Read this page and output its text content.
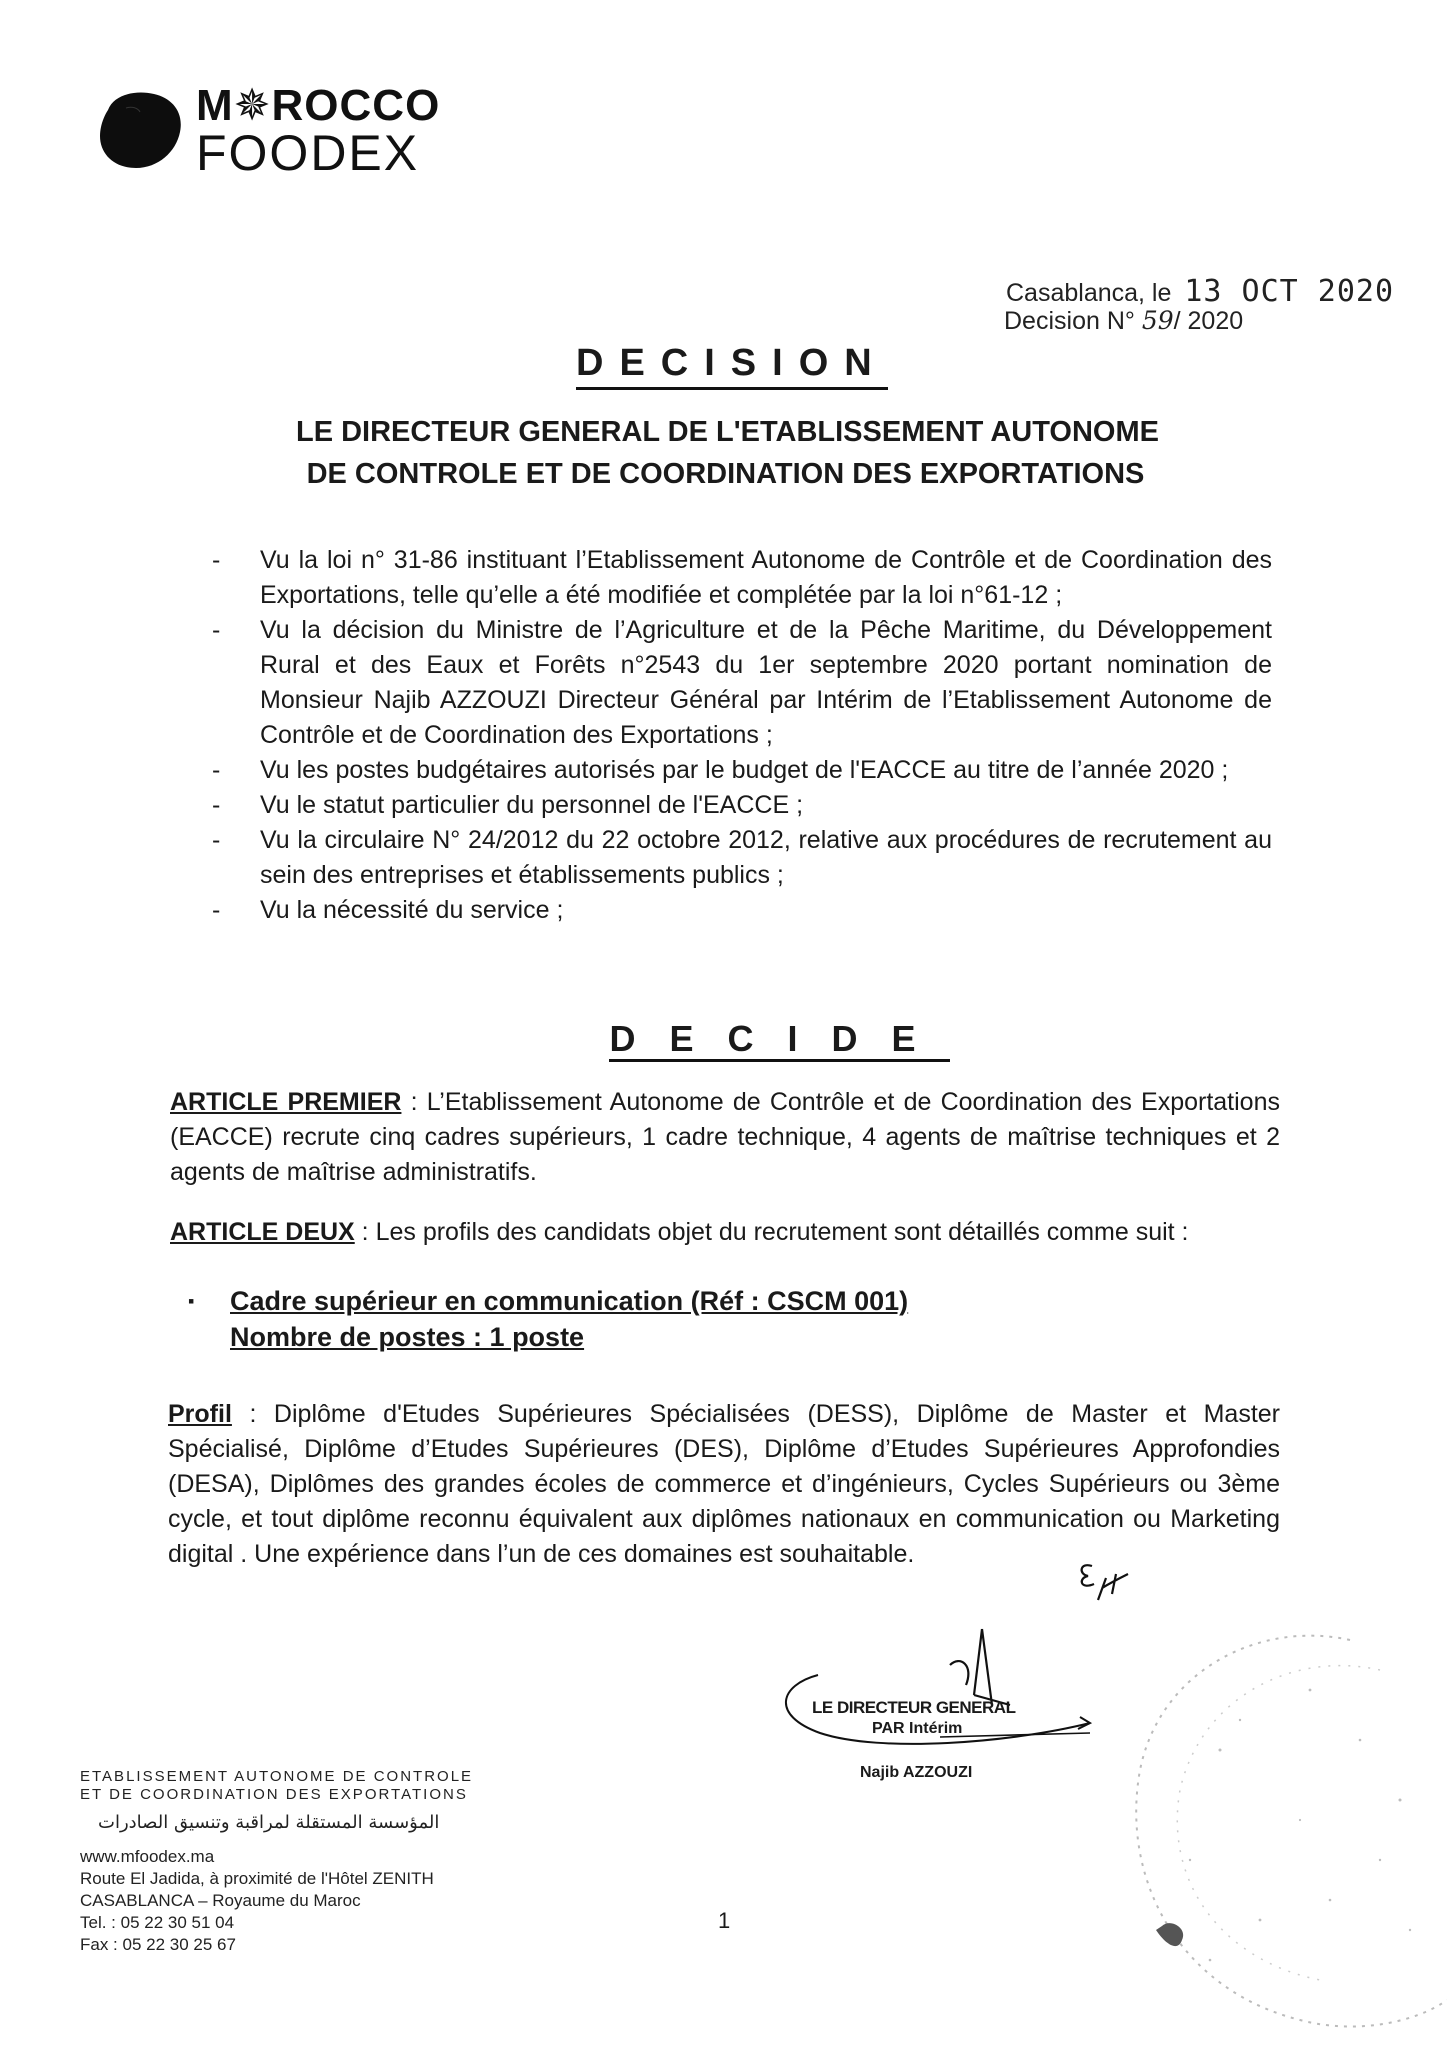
M✵ROCCO
FOODEX
Casablanca, le 13 OCT 2020
Decision N° 59/ 2020
DECISION
LE DIRECTEUR GENERAL DE L'ETABLISSEMENT AUTONOME
DE CONTROLE ET DE COORDINATION DES EXPORTATIONS
- Vu la loi n° 31-86 instituant l’Etablissement Autonome de Contrôle et de Coordination des Exportations, telle qu’elle a été modifiée et complétée par la loi n°61-12 ;
- Vu la décision du Ministre de l’Agriculture et de la Pêche Maritime, du Développement Rural et des Eaux et Forêts n°2543 du 1er septembre 2020 portant nomination de Monsieur Najib AZZOUZI Directeur Général par Intérim de l’Etablissement Autonome de Contrôle et de Coordination des Exportations ;
- Vu les postes budgétaires autorisés par le budget de l'EACCE au titre de l’année 2020 ;
- Vu le statut particulier du personnel de l'EACCE ;
- Vu la circulaire N° 24/2012 du 22 octobre 2012, relative aux procédures de recrutement au sein des entreprises et établissements publics ;
- Vu la nécessité du service ;
DECIDE
ARTICLE PREMIER : L’Etablissement Autonome de Contrôle et de Coordination des Exportations (EACCE) recrute cinq cadres supérieurs, 1 cadre technique, 4 agents de maîtrise techniques et 2 agents de maîtrise administratifs.
ARTICLE DEUX : Les profils des candidats objet du recrutement sont détaillés comme suit :
▪ Cadre supérieur en communication (Réf : CSCM 001)
Nombre de postes : 1 poste
Profil : Diplôme d'Etudes Supérieures Spécialisées (DESS), Diplôme de Master et Master Spécialisé, Diplôme d’Etudes Supérieures (DES), Diplôme d’Etudes Supérieures Approfondies (DESA), Diplômes des grandes écoles de commerce et d’ingénieurs, Cycles Supérieurs ou 3ème cycle, et tout diplôme reconnu équivalent aux diplômes nationaux en communication ou Marketing digital . Une expérience dans l’un de ces domaines est souhaitable.
LE DIRECTEUR GENERAL
PAR Intérim
Najib AZZOUZI
ETABLISSEMENT AUTONOME DE CONTROLE
ET DE COORDINATION DES EXPORTATIONS
المؤسسة المستقلة لمراقبة وتنسيق الصادرات
www.mfoodex.ma
Route El Jadida, à proximité de l'Hôtel ZENITH
CASABLANCA – Royaume du Maroc
Tel. : 05 22 30 51 04
Fax : 05 22 30 25 67
1
